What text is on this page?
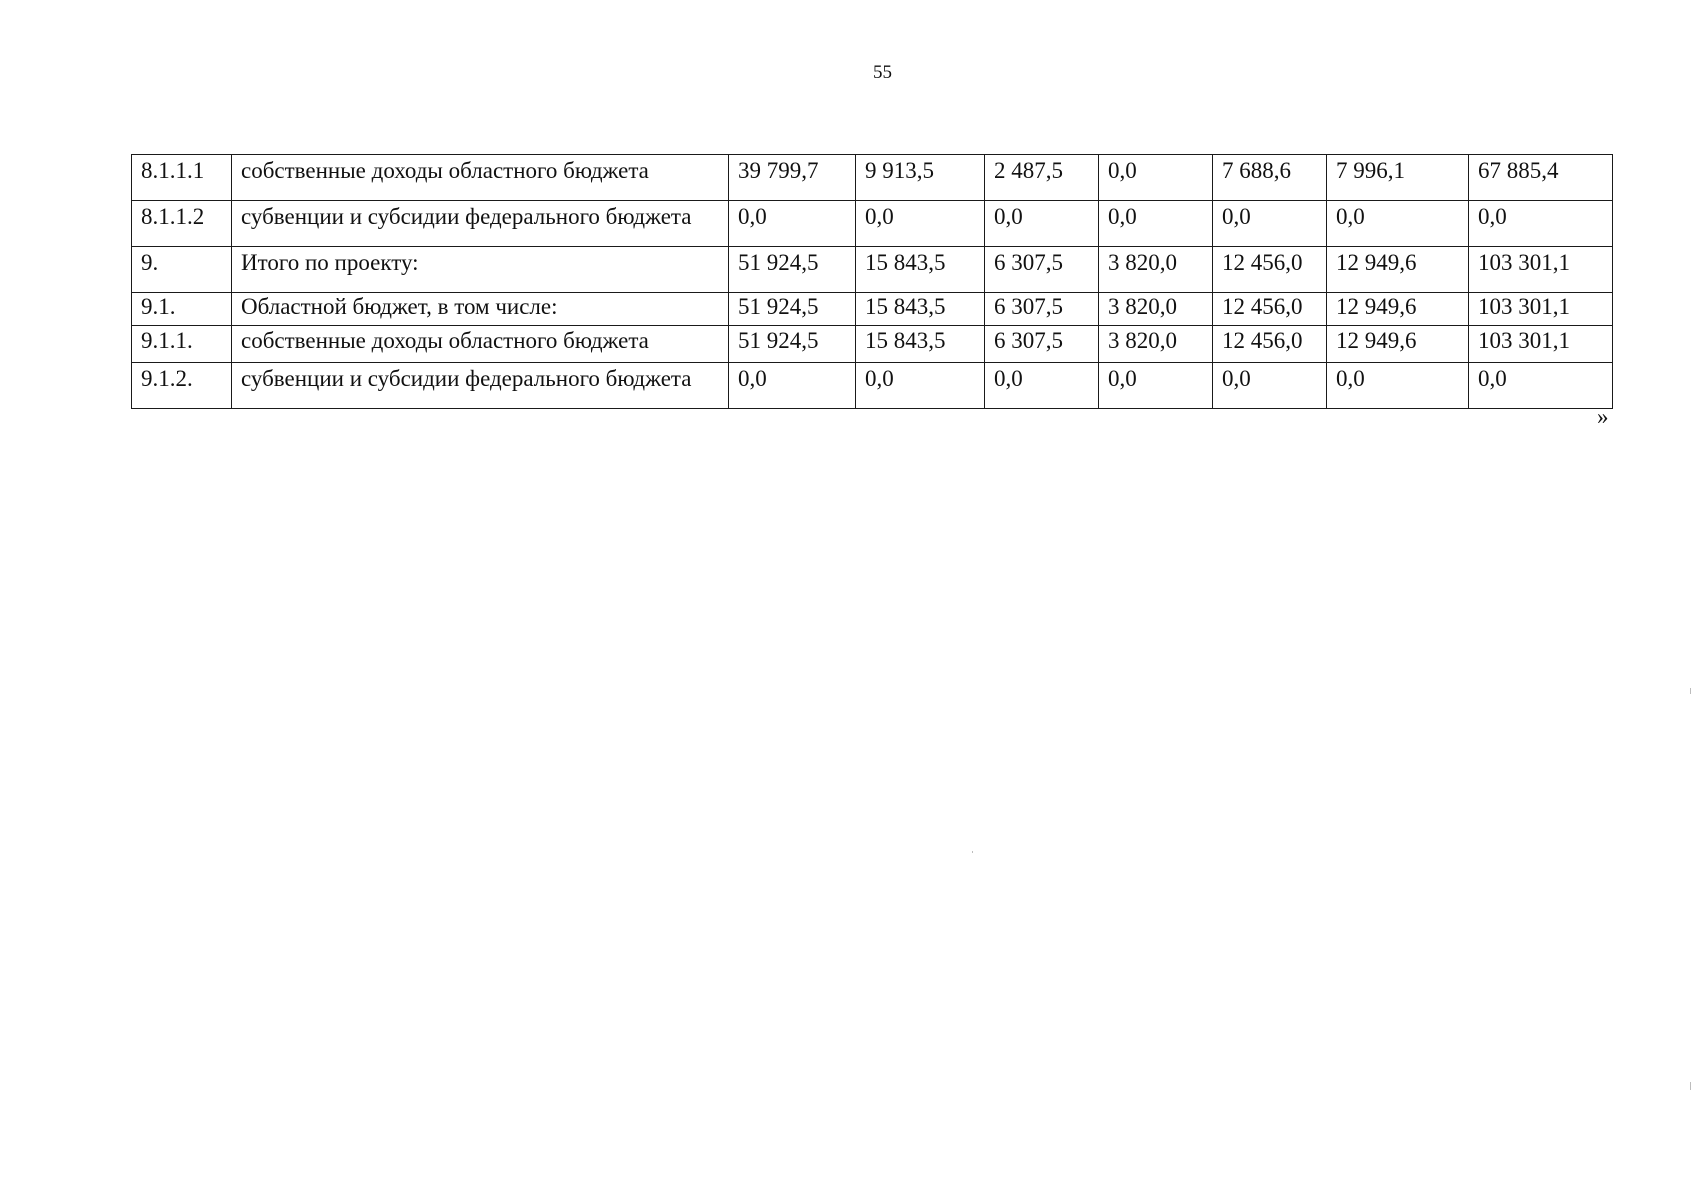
55
8.1.1.1	собственные доходы областного бюджета	39 799,7	9 913,5	2 487,5	0,0	7 688,6	7 996,1	67 885,4
8.1.1.2	субвенции и субсидии федерального бюджета	0,0	0,0	0,0	0,0	0,0	0,0	0,0
9.	Итого по проекту:	51 924,5	15 843,5	6 307,5	3 820,0	12 456,0	12 949,6	103 301,1
9.1.	Областной бюджет, в том числе:	51 924,5	15 843,5	6 307,5	3 820,0	12 456,0	12 949,6	103 301,1
9.1.1.	собственные доходы областного бюджета	51 924,5	15 843,5	6 307,5	3 820,0	12 456,0	12 949,6	103 301,1
9.1.2.	субвенции и субсидии федерального бюджета	0,0	0,0	0,0	0,0	0,0	0,0	0,0
»
